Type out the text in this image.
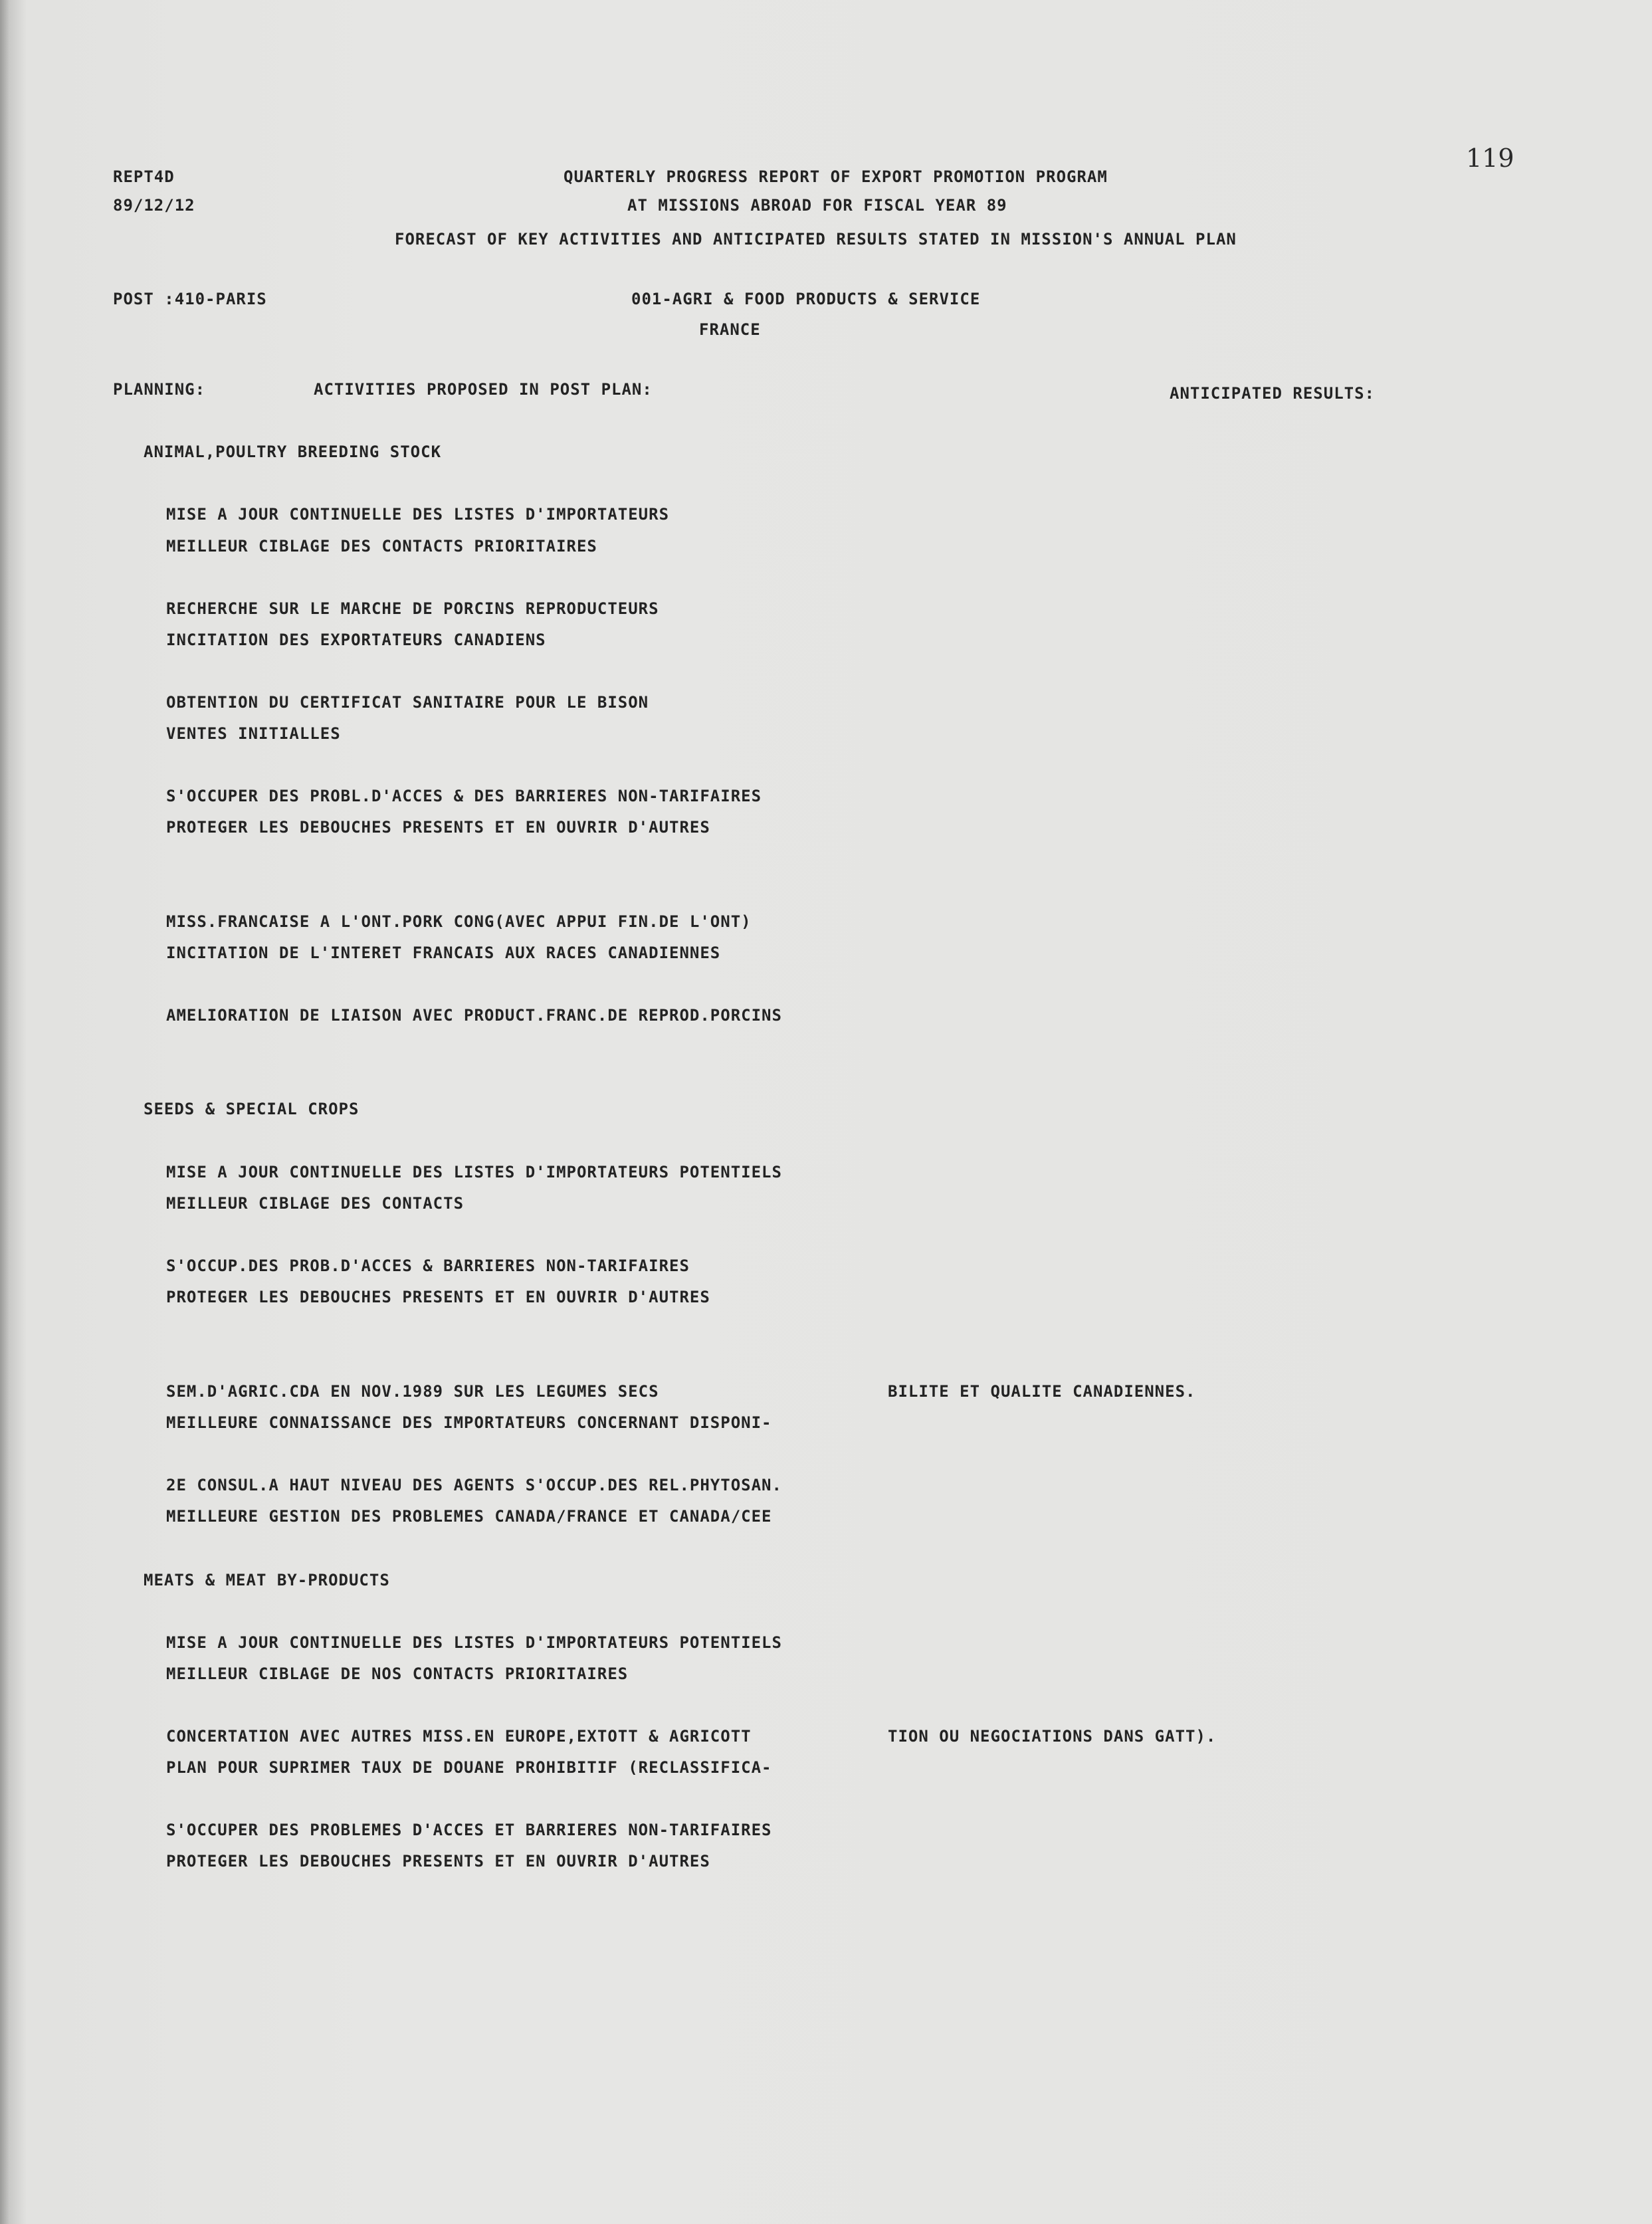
119
REPT4D
89/12/12
QUARTERLY PROGRESS REPORT OF EXPORT PROMOTION PROGRAM
AT MISSIONS ABROAD FOR FISCAL YEAR 89
FORECAST OF KEY ACTIVITIES AND ANTICIPATED RESULTS STATED IN MISSION'S ANNUAL PLAN
POST :410-PARIS	001-AGRI & FOOD PRODUCTS & SERVICE
FRANCE
PLANNING:	ACTIVITIES PROPOSED IN POST PLAN:	ANTICIPATED RESULTS:
ANIMAL,POULTRY BREEDING STOCK
MISE A JOUR CONTINUELLE DES LISTES D'IMPORTATEURS
MEILLEUR CIBLAGE DES CONTACTS PRIORITAIRES
RECHERCHE SUR LE MARCHE DE PORCINS REPRODUCTEURS
INCITATION DES EXPORTATEURS CANADIENS
OBTENTION DU CERTIFICAT SANITAIRE POUR LE BISON
VENTES INITIALLES
S'OCCUPER DES PROBL.D'ACCES & DES BARRIERES NON-TARIFAIRES
PROTEGER LES DEBOUCHES PRESENTS ET EN OUVRIR D'AUTRES
MISS.FRANCAISE A L'ONT.PORK CONG(AVEC APPUI FIN.DE L'ONT)
INCITATION DE L'INTERET FRANCAIS AUX RACES CANADIENNES
AMELIORATION DE LIAISON AVEC PRODUCT.FRANC.DE REPROD.PORCINS
SEEDS & SPECIAL CROPS
MISE A JOUR CONTINUELLE DES LISTES D'IMPORTATEURS POTENTIELS
MEILLEUR CIBLAGE DES CONTACTS
S'OCCUP.DES PROB.D'ACCES & BARRIERES NON-TARIFAIRES
PROTEGER LES DEBOUCHES PRESENTS ET EN OUVRIR D'AUTRES
SEM.D'AGRIC.CDA EN NOV.1989 SUR LES LEGUMES SECS	BILITE ET QUALITE CANADIENNES.
MEILLEURE CONNAISSANCE DES IMPORTATEURS CONCERNANT DISPONI-
2E CONSUL.A HAUT NIVEAU DES AGENTS S'OCCUP.DES REL.PHYTOSAN.
MEILLEURE GESTION DES PROBLEMES CANADA/FRANCE ET CANADA/CEE
MEATS & MEAT BY-PRODUCTS
MISE A JOUR CONTINUELLE DES LISTES D'IMPORTATEURS POTENTIELS
MEILLEUR CIBLAGE DE NOS CONTACTS PRIORITAIRES
CONCERTATION AVEC AUTRES MISS.EN EUROPE,EXTOTT & AGRICOTT	TION OU NEGOCIATIONS DANS GATT).
PLAN POUR SUPRIMER TAUX DE DOUANE PROHIBITIF (RECLASSIFICA-
S'OCCUPER DES PROBLEMES D'ACCES ET BARRIERES NON-TARIFAIRES
PROTEGER LES DEBOUCHES PRESENTS ET EN OUVRIR D'AUTRES
